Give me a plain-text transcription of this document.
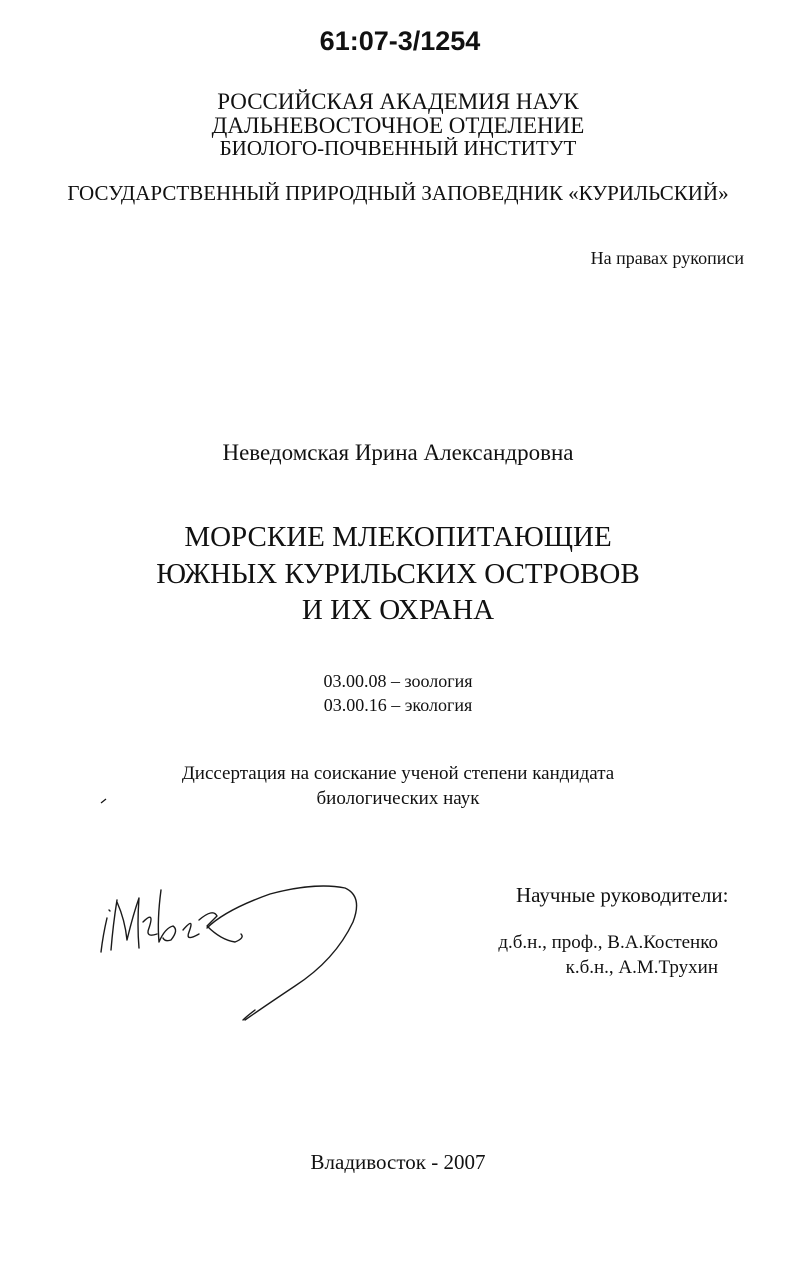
61:07-3/1254
РОССИЙСКАЯ АКАДЕМИЯ НАУК
ДАЛЬНЕВОСТОЧНОЕ ОТДЕЛЕНИЕ
БИОЛОГО-ПОЧВЕННЫЙ ИНСТИТУТ
ГОСУДАРСТВЕННЫЙ ПРИРОДНЫЙ ЗАПОВЕДНИК «КУРИЛЬСКИЙ»
На правах рукописи
Неведомская Ирина Александровна
МОРСКИЕ МЛЕКОПИТАЮЩИЕ
ЮЖНЫХ КУРИЛЬСКИХ ОСТРОВОВ
И ИХ ОХРАНА
03.00.08 – зоология
03.00.16 – экология
Диссертация на соискание ученой степени кандидата
биологических наук
Научные руководители:
д.б.н., проф., В.А.Костенко
к.б.н., А.М.Трухин
Владивосток - 2007
